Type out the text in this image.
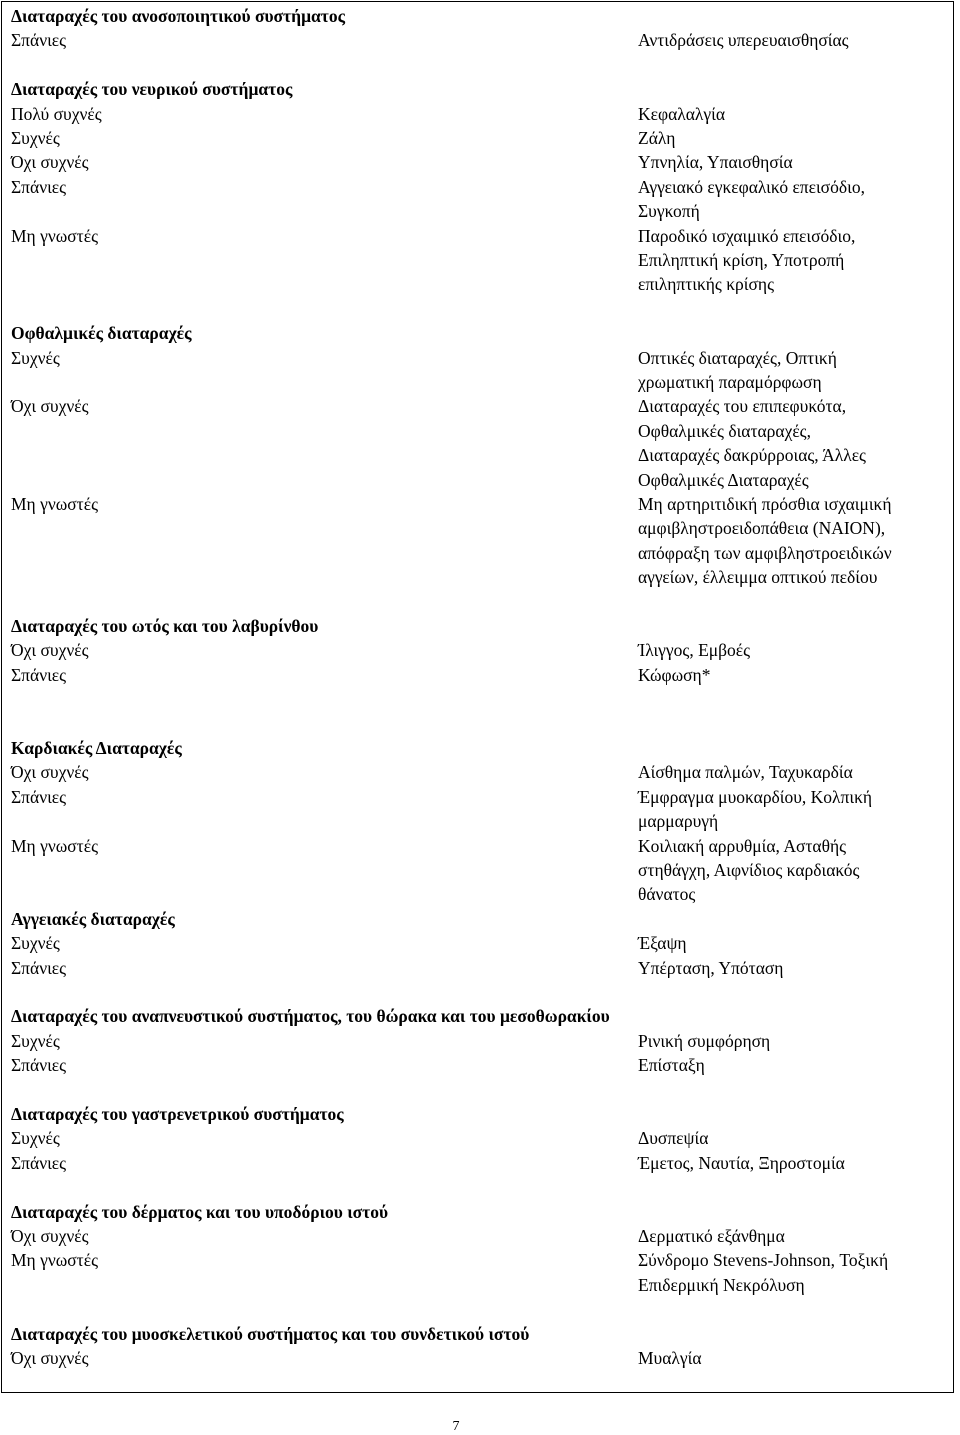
Διαταραχές του ανοσοποιητικού συστήματος
Σπάνιες	Αντιδράσεις υπερευαισθησίας
Διαταραχές του νευρικού συστήματος
Πολύ συχνές	Κεφαλαλγία
Συχνές	Ζάλη
Όχι συχνές	Υπνηλία, Υπαισθησία
Σπάνιες	Αγγειακό εγκεφαλικό επεισόδιο,
Συγκοπή
Μη γνωστές	Παροδικό ισχαιμικό επεισόδιο,
Επιληπτική κρίση, Υποτροπή
επιληπτικής κρίσης
Οφθαλμικές διαταραχές
Συχνές	Οπτικές διαταραχές, Οπτική
χρωματική παραμόρφωση
Όχι συχνές	Διαταραχές του επιπεφυκότα,
Οφθαλμικές διαταραχές,
Διαταραχές δακρύρροιας, Άλλες
Οφθαλμικές Διαταραχές
Μη γνωστές	Μη αρτηριτιδική πρόσθια ισχαιμική
αμφιβληστροειδοπάθεια (NAION),
απόφραξη των αμφιβληστροειδικών
αγγείων, έλλειμμα οπτικού πεδίου
Διαταραχές του ωτός και του λαβυρίνθου
Όχι συχνές	Ίλιγγος, Εμβοές
Σπάνιες	Κώφωση*
Καρδιακές Διαταραχές
Όχι συχνές	Αίσθημα παλμών, Ταχυκαρδία
Σπάνιες	Έμφραγμα μυοκαρδίου, Κολπική
μαρμαρυγή
Μη γνωστές	Κοιλιακή αρρυθμία, Ασταθής
στηθάγχη, Αιφνίδιος καρδιακός
θάνατος
Αγγειακές διαταραχές
Συχνές	Έξαψη
Σπάνιες	Υπέρταση, Υπόταση
Διαταραχές του αναπνευστικού συστήματος, του θώρακα και του μεσοθωρακίου
Συχνές	Ρινική συμφόρηση
Σπάνιες	Επίσταξη
Διαταραχές του γαστρενετρικού συστήματος
Συχνές	Δυσπεψία
Σπάνιες	Έμετος, Ναυτία, Ξηροστομία
Διαταραχές του δέρματος και του υποδόριου ιστού
Όχι συχνές	Δερματικό εξάνθημα
Μη γνωστές	Σύνδρομο Stevens-Johnson, Τοξική
Επιδερμική Νεκρόλυση
Διαταραχές του μυοσκελετικού συστήματος και του συνδετικού ιστού
Όχι συχνές	Μυαλγία
7
